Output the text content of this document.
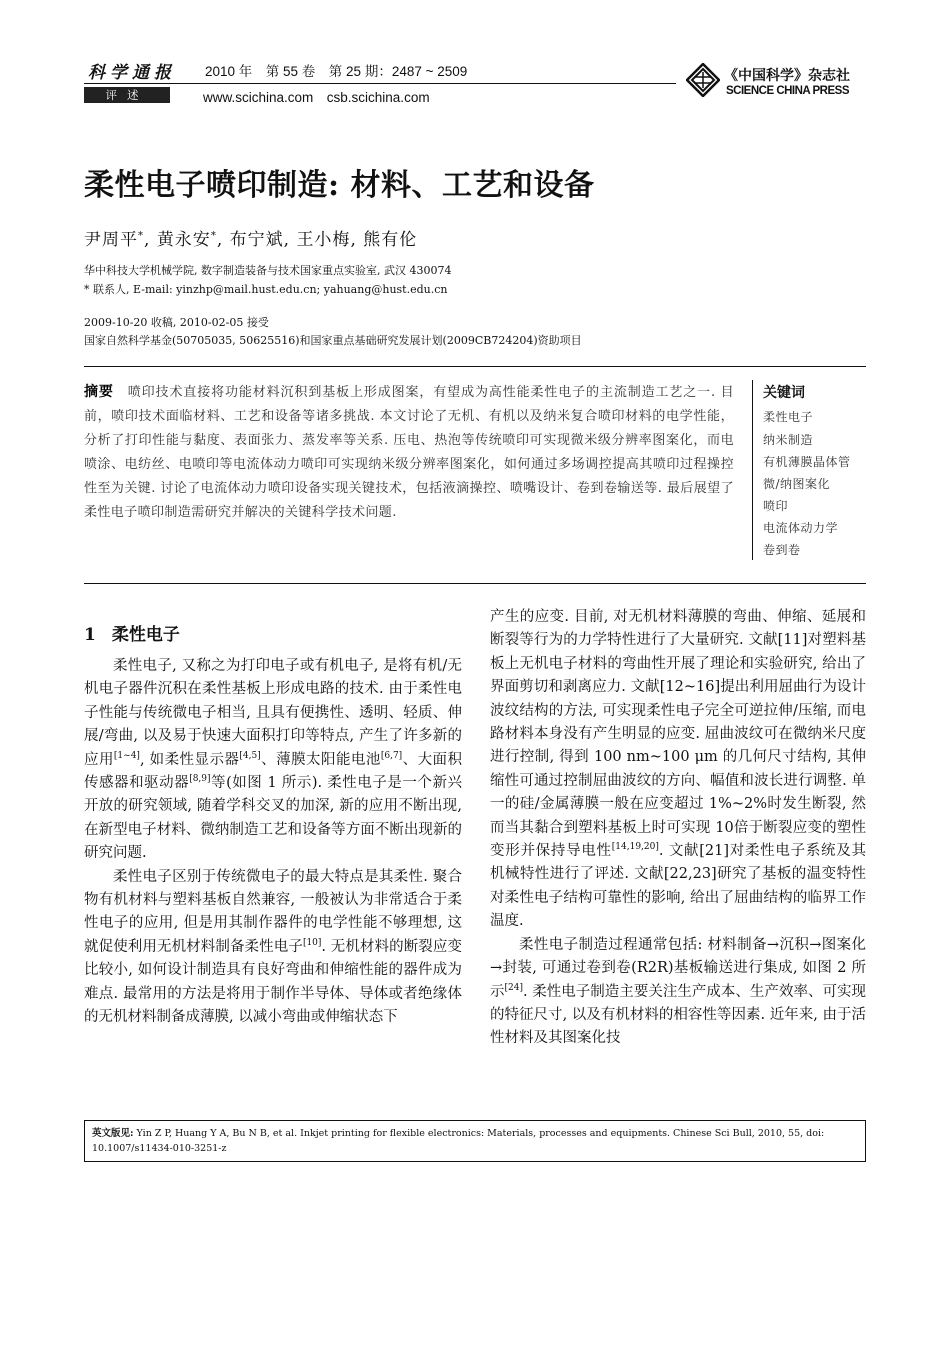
科学通报 2010 年　第 55 卷　第 25 期：2487 ~ 2509
评述	www.scichina.com　csb.scichina.com
《中国科学》杂志社
SCIENCE CHINA PRESS
柔性电子喷印制造: 材料、工艺和设备
尹周平*, 黄永安*, 布宁斌, 王小梅, 熊有伦
华中科技大学机械学院, 数字制造装备与技术国家重点实验室, 武汉 430074
* 联系人, E-mail: yinzhp@mail.hust.edu.cn; yahuang@hust.edu.cn
2009-10-20 收稿, 2010-02-05 接受
国家自然科学基金(50705035, 50625516)和国家重点基础研究发展计划(2009CB724204)资助项目
摘要 喷印技术直接将功能材料沉积到基板上形成图案，有望成为高性能柔性电子的主流制造工艺之一. 目前，喷印技术面临材料、工艺和设备等诸多挑战. 本文讨论了无机、有机以及纳米复合喷印材料的电学性能，分析了打印性能与黏度、表面张力、蒸发率等关系. 压电、热泡等传统喷印可实现微米级分辨率图案化，而电喷涂、电纺丝、电喷印等电流体动力喷印可实现纳米级分辨率图案化，如何通过多场调控提高其喷印过程操控性至为关键. 讨论了电流体动力喷印设备实现关键技术，包括液滴操控、喷嘴设计、卷到卷输送等. 最后展望了柔性电子喷印制造需研究并解决的关键科学技术问题.
关键词
柔性电子
纳米制造
有机薄膜晶体管
微/纳图案化
喷印
电流体动力学
卷到卷
1 柔性电子

柔性电子, 又称之为打印电子或有机电子, 是将有机/无机电子器件沉积在柔性基板上形成电路的技术. 由于柔性电子性能与传统微电子相当, 且具有便携性、透明、轻质、伸展/弯曲, 以及易于快速大面积打印等特点, 产生了许多新的应用[1~4], 如柔性显示器[4,5]、薄膜太阳能电池[6,7]、大面积传感器和驱动器[8,9]等(如图 1 所示). 柔性电子是一个新兴开放的研究领域, 随着学科交叉的加深, 新的应用不断出现, 在新型电子材料、微纳制造工艺和设备等方面不断出现新的研究问题.

柔性电子区别于传统微电子的最大特点是其柔性. 聚合物有机材料与塑料基板自然兼容, 一般被认为非常适合于柔性电子的应用, 但是用其制作器件的电学性能不够理想, 这就促使利用无机材料制备柔性电子[10]. 无机材料的断裂应变比较小, 如何设计制造具有良好弯曲和伸缩性能的器件成为难点. 最常用的方法是将用于制作半导体、导体或者绝缘体的无机材料制备成薄膜, 以减小弯曲或伸缩状态下

产生的应变. 目前, 对无机材料薄膜的弯曲、伸缩、延展和断裂等行为的力学特性进行了大量研究. 文献[11]对塑料基板上无机电子材料的弯曲性开展了理论和实验研究, 给出了界面剪切和剥离应力. 文献[12~16]提出利用屈曲行为设计波纹结构的方法, 可实现柔性电子完全可逆拉伸/压缩, 而电路材料本身没有产生明显的应变. 屈曲波纹可在微纳米尺度进行控制, 得到 100 nm~100 μm 的几何尺寸结构, 其伸缩性可通过控制屈曲波纹的方向、幅值和波长进行调整. 单一的硅/金属薄膜一般在应变超过 1%~2%时发生断裂, 然而当其黏合到塑料基板上时可实现 10倍于断裂应变的塑性变形并保持导电性[14,19,20]. 文献[21]对柔性电子系统及其机械特性进行了评述. 文献[22,23]研究了基板的温变特性对柔性电子结构可靠性的影响, 给出了屈曲结构的临界工作温度.

柔性电子制造过程通常包括: 材料制备→沉积→图案化→封装, 可通过卷到卷(R2R)基板输送进行集成, 如图 2 所示[24]. 柔性电子制造主要关注生产成本、生产效率、可实现的特征尺寸, 以及有机材料的相容性等因素. 近年来, 由于活性材料及其图案化技

英文版见: Yin Z P, Huang Y A, Bu N B, et al. Inkjet printing for flexible electronics: Materials, processes and equipments. Chinese Sci Bull, 2010, 55, doi: 10.1007/s11434-010-3251-z
